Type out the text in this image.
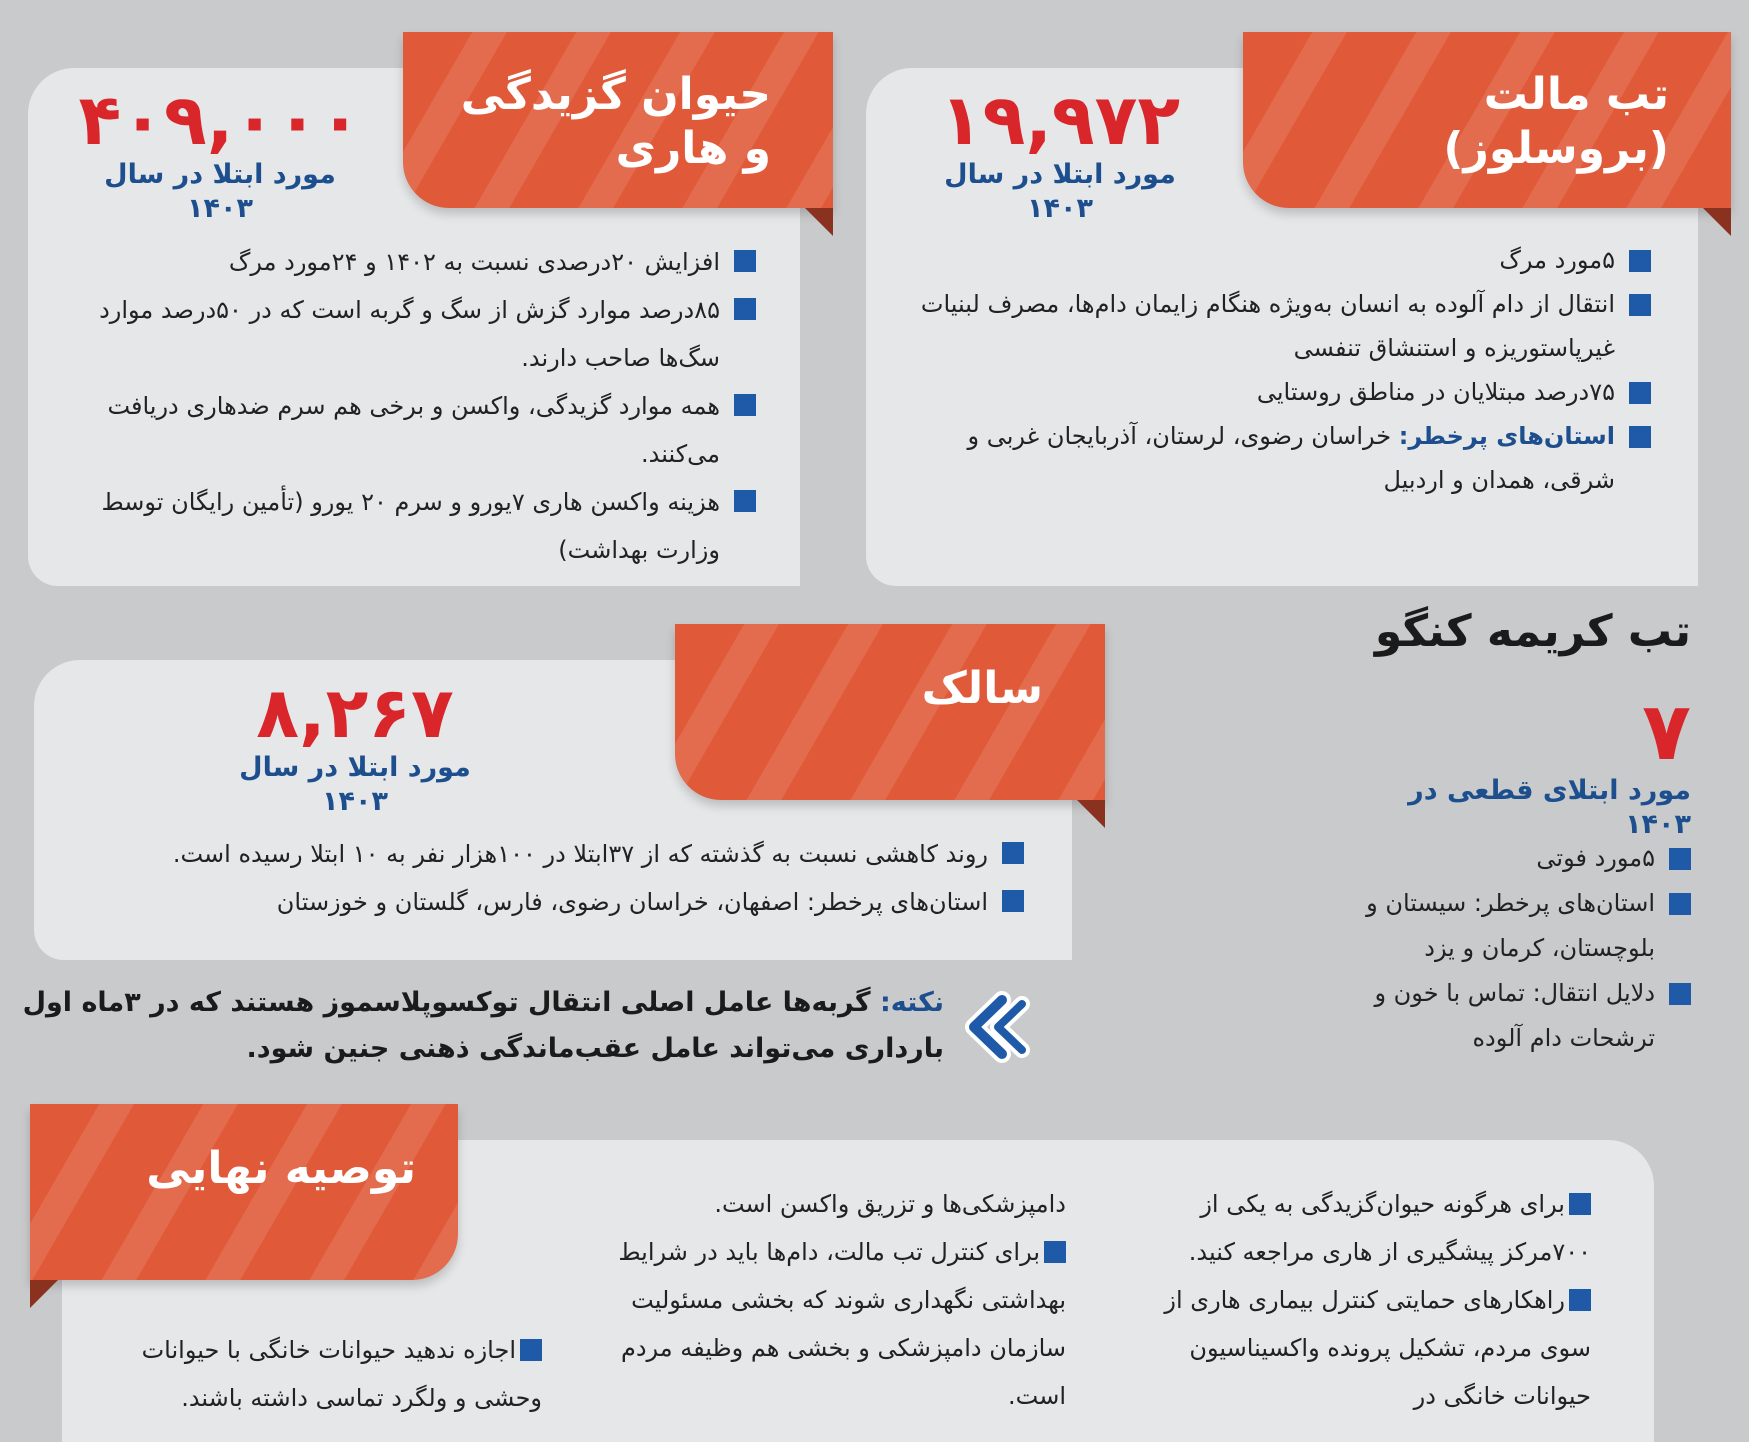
تب مالت
(بروسلوز)
۱۹,۹۷۲
مورد ابتلا در سال ۱۴۰۳
۵مورد مرگ
انتقال از دام آلوده به انسان به‌ویژه هنگام زایمان دام‌ها، مصرف لبنیات غیرپاستوریزه و استنشاق تنفسی
۷۵درصد مبتلایان در مناطق روستایی
استان‌های پرخطر: خراسان رضوی، لرستان، آذربایجان غربی و شرقی، همدان و اردبیل
حیوان گزیدگی
و هاری
۴۰۹,۰۰۰
مورد ابتلا در سال ۱۴۰۳
افزایش ۲۰درصدی نسبت به ۱۴۰۲ و ۲۴مورد مرگ
۸۵درصد موارد گزش از سگ و گربه است که در ۵۰درصد موارد سگ‌ها صاحب دارند.
همه موارد گزیدگی، واکسن و برخی هم سرم ضدهاری دریافت می‌کنند.
هزینه واکسن هاری ۷یورو و سرم ۲۰ یورو (تأمین رایگان توسط وزارت بهداشت)
تب کریمه کنگو
۷
مورد ابتلای قطعی در ۱۴۰۳
۵مورد فوتی
استان‌های پرخطر: سیستان و بلوچستان، کرمان و یزد
دلایل انتقال: تماس با خون و ترشحات دام آلوده
سالک
۸,۲۶۷
مورد ابتلا در سال ۱۴۰۳
روند کاهشی نسبت به گذشته که از ۳۷ابتلا در ۱۰۰هزار نفر به ۱۰ ابتلا رسیده است.
استان‌های پرخطر: اصفهان، خراسان رضوی، فارس، گلستان و خوزستان
نکته: گربه‌ها عامل اصلی انتقال توکسوپلاسموز هستند که در ۳ماه اول بارداری می‌تواند عامل عقب‌ماندگی ذهنی جنین شود.
توصیه نهایی
برای هرگونه حیوان‌گزیدگی به یکی از ۷۰۰مرکز پیشگیری از هاری مراجعه کنید.
راهکارهای حمایتی کنترل بیماری هاری از سوی مردم، تشکیل پرونده واکسیناسیون حیوانات خانگی در
دامپزشکی‌ها و تزریق واکسن است.
برای کنترل تب مالت، دام‌ها باید در شرایط بهداشتی نگهداری شوند که بخشی مسئولیت سازمان دامپزشکی و بخشی هم وظیفه مردم است.
اجازه ندهید حیوانات خانگی با حیوانات وحشی و ولگرد تماسی داشته باشند.
